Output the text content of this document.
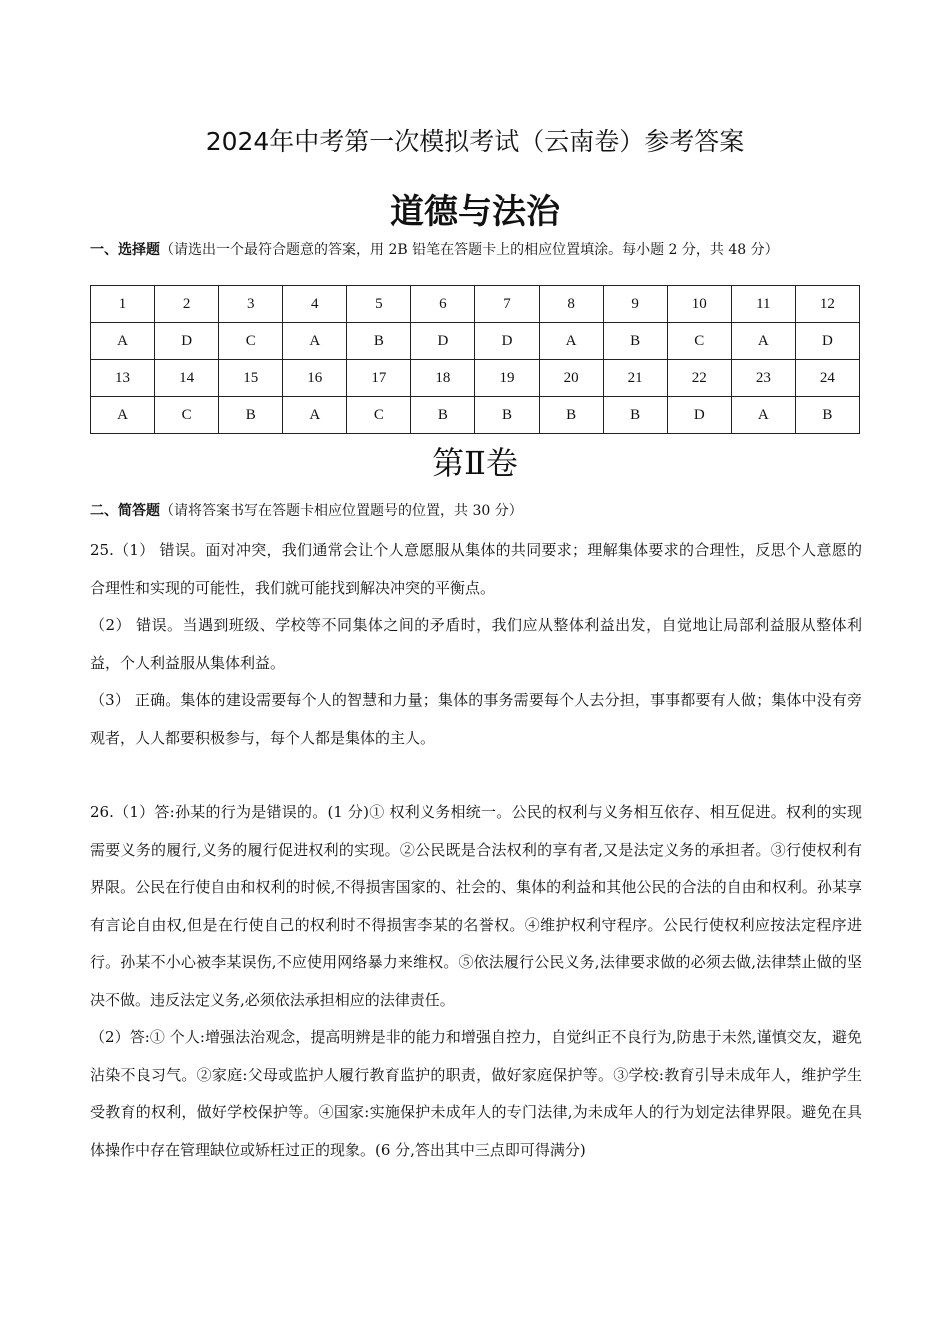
2024年中考第一次模拟考试（云南卷）参考答案
道德与法治
一、选择题（请选出一个最符合题意的答案，用 2B 铅笔在答题卡上的相应位置填涂。每小题 2 分，共 48 分）
1	2	3	4	5	6	7	8	9	10	11	12
A	D	C	A	B	D	D	A	B	C	A	D
13	14	15	16	17	18	19	20	21	22	23	24
A	C	B	A	C	B	B	B	B	D	A	B
第Ⅱ卷
二、简答题（请将答案书写在答题卡相应位置题号的位置，共 30 分）

25.（1） 错误。面对冲突，我们通常会让个人意愿服从集体的共同要求；理解集体要求的合理性，反思个人意愿的合理性和实现的可能性，我们就可能找到解决冲突的平衡点。

（2） 错误。当遇到班级、学校等不同集体之间的矛盾时，我们应从整体利益出发，自觉地让局部利益服从整体利益，个人利益服从集体利益。

（3） 正确。集体的建设需要每个人的智慧和力量；集体的事务需要每个人去分担，事事都要有人做；集体中没有旁观者，人人都要积极参与，每个人都是集体的主人。

26.（1）答:孙某的行为是错误的。(1 分)① 权利义务相统一。公民的权利与义务相互依存、相互促进。权利的实现需要义务的履行,义务的履行促进权利的实现。②公民既是合法权利的享有者,又是法定义务的承担者。③行使权利有界限。公民在行使自由和权利的时候,不得损害国家的、社会的、集体的利益和其他公民的合法的自由和权利。孙某享有言论自由权,但是在行使自己的权利时不得损害李某的名誉权。④维护权利守程序。公民行使权利应按法定程序进行。孙某不小心被李某误伤,不应使用网络暴力来维权。⑤依法履行公民义务,法律要求做的必须去做,法律禁止做的坚决不做。违反法定义务,必须依法承担相应的法律责任。

（2）答:① 个人:增强法治观念，提高明辨是非的能力和增强自控力，自觉纠正不良行为,防患于未然,谨慎交友，避免沾染不良习气。②家庭:父母或监护人履行教育监护的职责，做好家庭保护等。③学校:教育引导未成年人，维护学生受教育的权利，做好学校保护等。④国家:实施保护未成年人的专门法律,为未成年人的行为划定法律界限。避免在具体操作中存在管理缺位或矫枉过正的现象。(6 分,答出其中三点即可得满分)
